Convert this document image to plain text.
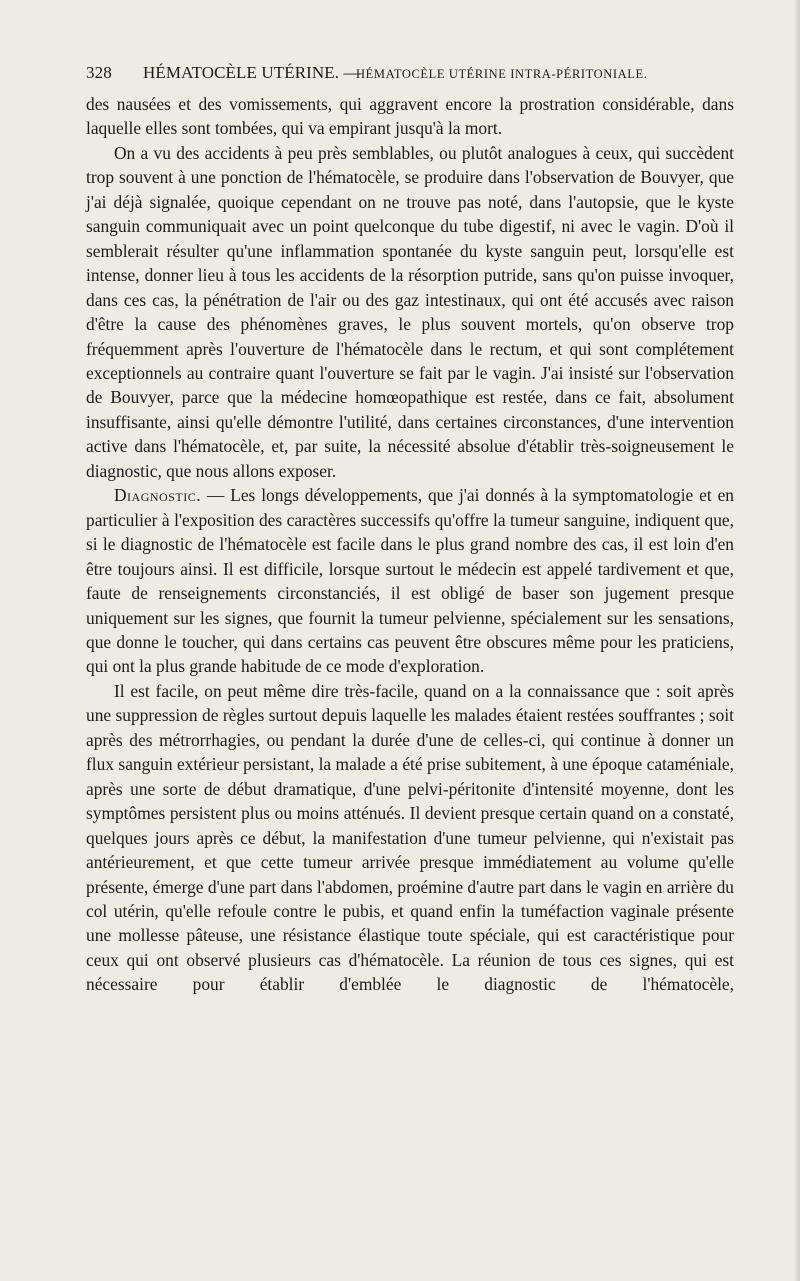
328 HÉMATOCÈLE UTÉRINE. —
HÉMATOCÈLE UTÉRINE INTRA-PÉRITONIALE.

des nausées et des vomissements, qui aggravent encore la prostration considérable, dans laquelle elles sont tombées, qui va empirant jusqu'à la mort.

On a vu des accidents à peu près semblables, ou plutôt analogues à ceux, qui succèdent trop souvent à une ponction de l'hématocèle, se produire dans l'observation de Bouvyer, que j'ai déjà signalée, quoique cependant on ne trouve pas noté, dans l'autopsie, que le kyste sanguin communiquait avec un point quelconque du tube digestif, ni avec le vagin. D'où il semblerait résulter qu'une inflammation spontanée du kyste sanguin peut, lorsqu'elle est intense, donner lieu à tous les accidents de la résorption putride, sans qu'on puisse invoquer, dans ces cas, la pénétration de l'air ou des gaz intestinaux, qui ont été accusés avec raison d'être la cause des phénomènes graves, le plus souvent mortels, qu'on observe trop fréquemment après l'ouverture de l'hématocèle dans le rectum, et qui sont complétement exceptionnels au contraire quant l'ouverture se fait par le vagin. J'ai insisté sur l'observation de Bouvyer, parce que la médecine homœopathique est restée, dans ce fait, absolument insuffisante, ainsi qu'elle démontre l'utilité, dans certaines circonstances, d'une intervention active dans l'hématocèle, et, par suite, la nécessité absolue d'établir très-soigneusement le diagnostic, que nous allons exposer.

Diagnostic. — Les longs développements, que j'ai donnés à la symptomatologie et en particulier à l'exposition des caractères successifs qu'offre la tumeur sanguine, indiquent que, si le diagnostic de l'hématocèle est facile dans le plus grand nombre des cas, il est loin d'en être toujours ainsi. Il est difficile, lorsque surtout le médecin est appelé tardivement et que, faute de renseignements circonstanciés, il est obligé de baser son jugement presque uniquement sur les signes, que fournit la tumeur pelvienne, spécialement sur les sensations, que donne le toucher, qui dans certains cas peuvent être obscures même pour les praticiens, qui ont la plus grande habitude de ce mode d'exploration.

Il est facile, on peut même dire très-facile, quand on a la connaissance que : soit après une suppression de règles surtout depuis laquelle les malades étaient restées souffrantes ; soit après des métrorrhagies, ou pendant la durée d'une de celles-ci, qui continue à donner un flux sanguin extérieur persistant, la malade a été prise subitement, à une époque cataméniale, après une sorte de début dramatique, d'une pelvi-péritonite d'intensité moyenne, dont les symptômes persistent plus ou moins atténués. Il devient presque certain quand on a constaté, quelques jours après ce début, la manifestation d'une tumeur pelvienne, qui n'existait pas antérieurement, et que cette tumeur arrivée presque immédiatement au volume qu'elle présente, émerge d'une part dans l'abdomen, proémine d'autre part dans le vagin en arrière du col utérin, qu'elle refoule contre le pubis, et quand enfin la tuméfaction vaginale présente une mollesse pâteuse, une résistance élastique toute spéciale, qui est caractéristique pour ceux qui ont observé plusieurs cas d'hématocèle. La réunion de tous ces signes, qui est nécessaire pour établir d'emblée le diagnostic de l'hématocèle,
